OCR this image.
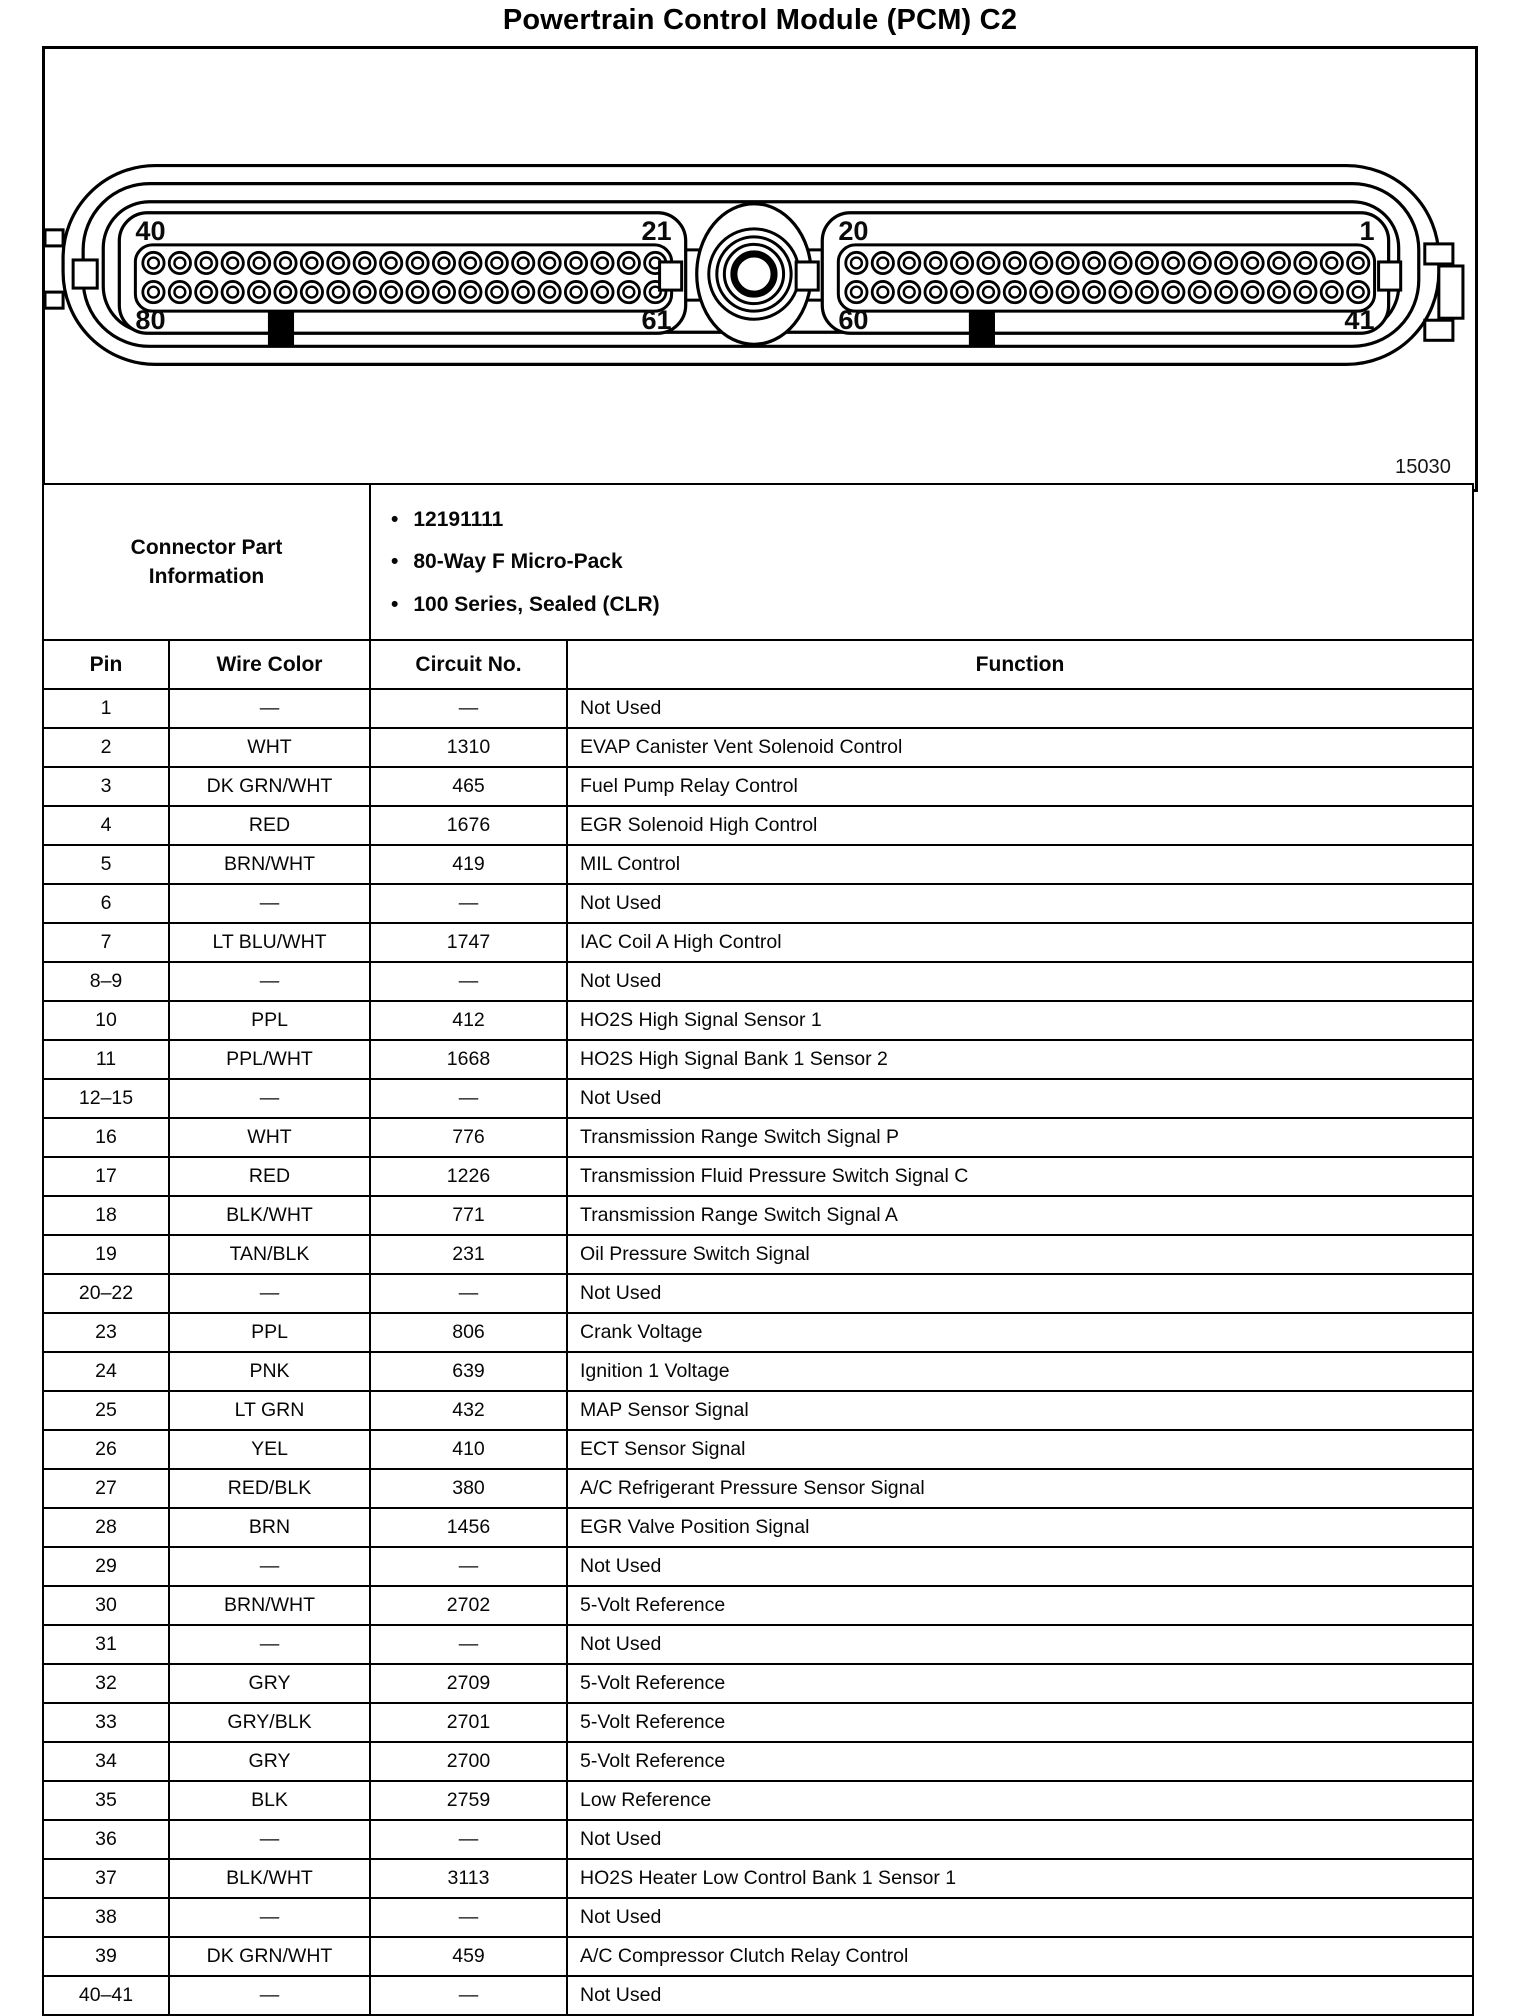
Powertrain Control Module (PCM) C2
40	21
80	61
20	1
60	41
15030
Connector Part Information

• 12191111
• 80-Way F Micro-Pack
• 100 Series, Sealed (CLR)

Pin	Wire Color	Circuit No.	Function
1	—	—	Not Used
2	WHT	1310	EVAP Canister Vent Solenoid Control
3	DK GRN/WHT	465	Fuel Pump Relay Control
4	RED	1676	EGR Solenoid High Control
5	BRN/WHT	419	MIL Control
6	—	—	Not Used
7	LT BLU/WHT	1747	IAC Coil A High Control
8–9	—	—	Not Used
10	PPL	412	HO2S High Signal Sensor 1
11	PPL/WHT	1668	HO2S High Signal Bank 1 Sensor 2
12–15	—	—	Not Used
16	WHT	776	Transmission Range Switch Signal P
17	RED	1226	Transmission Fluid Pressure Switch Signal C
18	BLK/WHT	771	Transmission Range Switch Signal A
19	TAN/BLK	231	Oil Pressure Switch Signal
20–22	—	—	Not Used
23	PPL	806	Crank Voltage
24	PNK	639	Ignition 1 Voltage
25	LT GRN	432	MAP Sensor Signal
26	YEL	410	ECT Sensor Signal
27	RED/BLK	380	A/C Refrigerant Pressure Sensor Signal
28	BRN	1456	EGR Valve Position Signal
29	—	—	Not Used
30	BRN/WHT	2702	5-Volt Reference
31	—	—	Not Used
32	GRY	2709	5-Volt Reference
33	GRY/BLK	2701	5-Volt Reference
34	GRY	2700	5-Volt Reference
35	BLK	2759	Low Reference
36	—	—	Not Used
37	BLK/WHT	3113	HO2S Heater Low Control Bank 1 Sensor 1
38	—	—	Not Used
39	DK GRN/WHT	459	A/C Compressor Clutch Relay Control
40–41	—	—	Not Used
